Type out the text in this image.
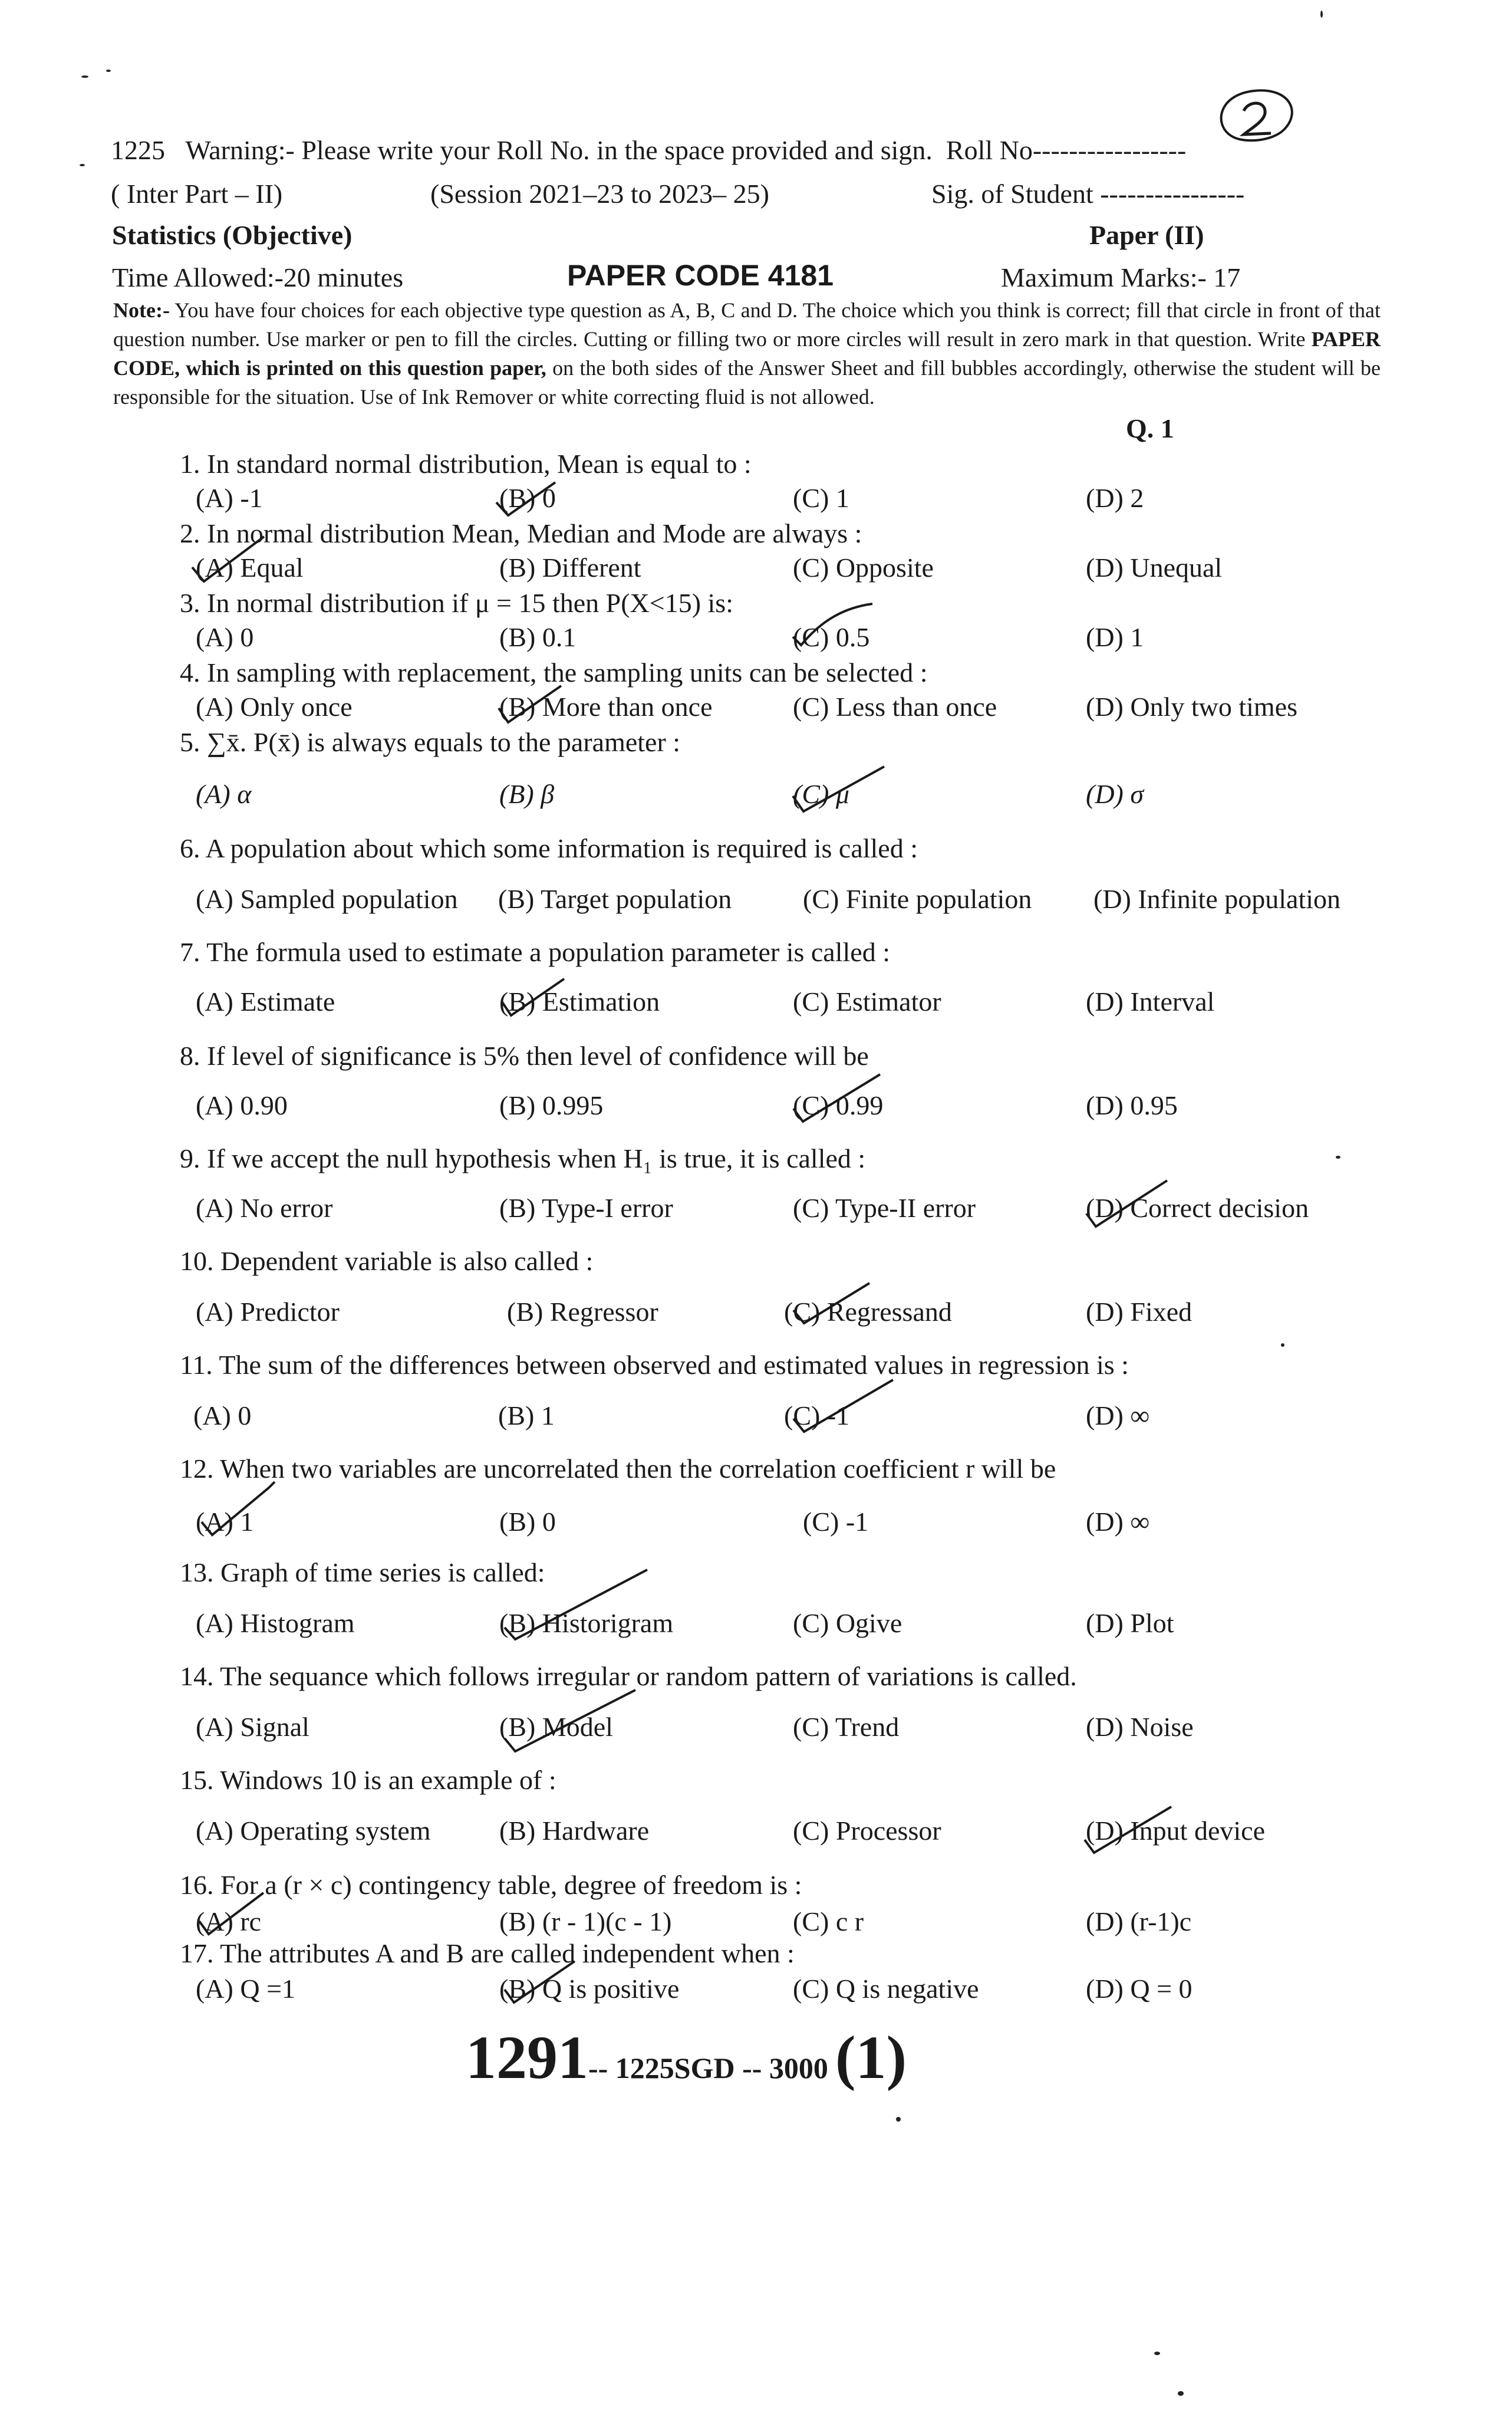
1225 Warning:- Please write your Roll No. in the space provided and sign. Roll No-----------------
( Inter Part – II)	(Session 2021–23 to 2023– 25)	Sig. of Student ----------------
Statistics (Objective)	Paper (II)
Time Allowed:-20 minutes	PAPER CODE 4181	Maximum Marks:- 17
Note:- You have four choices for each objective type question as A, B, C and D. The choice which you think is correct; fill that circle in front of that question number. Use marker or pen to fill the circles. Cutting or filling two or more circles will result in zero mark in that question. Write PAPER CODE, which is printed on this question paper, on the both sides of the Answer Sheet and fill bubbles accordingly, otherwise the student will be responsible for the situation. Use of Ink Remover or white correcting fluid is not allowed.
Q. 1
1. In standard normal distribution, Mean is equal to :
(A) -1	(B) 0	(C) 1	(D) 2
2. In normal distribution Mean, Median and Mode are always :
(A) Equal	(B) Different	(C) Opposite	(D) Unequal
3. In normal distribution if μ = 15 then P(X<15) is:
(A) 0	(B) 0.1	(C) 0.5	(D) 1
4. In sampling with replacement, the sampling units can be selected :
(A) Only once	(B) More than once	(C) Less than once	(D) Only two times
5. ∑x̄. P(x̄) is always equals to the parameter :
(A) α	(B) β	(C) μ	(D) σ
6. A population about which some information is required is called :
(A) Sampled population (B) Target population	(C) Finite population (D) Infinite population
7. The formula used to estimate a population parameter is called :
(A) Estimate	(B) Estimation	(C) Estimator	(D) Interval
8. If level of significance is 5% then level of confidence will be
(A) 0.90	(B) 0.995	(C) 0.99	(D) 0.95
9. If we accept the null hypothesis when H₁ is true, it is called :
(A) No error	(B) Type-I error	(C) Type-II error	(D) Correct decision
10. Dependent variable is also called :
(A) Predictor	(B) Regressor	(C) Regressand	(D) Fixed
11. The sum of the differences between observed and estimated values in regression is :
(A) 0	(B) 1	(C) -1	(D) ∞
12. When two variables are uncorrelated then the correlation coefficient r will be
(A) 1	(B) 0	(C) -1	(D) ∞
13. Graph of time series is called:
(A) Histogram	(B) Historigram	(C) Ogive	(D) Plot
14. The sequance which follows irregular or random pattern of variations is called.
(A) Signal	(B) Model	(C) Trend	(D) Noise
15. Windows 10 is an example of :
(A) Operating system	(B) Hardware	(C) Processor	(D) Input device
16. For a (r × c) contingency table, degree of freedom is :
(A) rc	(B) (r - 1)(c - 1)	(C) c r	(D) (r-1)c
17. The attributes A and B are called independent when :
(A) Q =1	(B) Q is positive	(C) Q is negative	(D) Q = 0
1291-- 1225SGD -- 3000 (1)
